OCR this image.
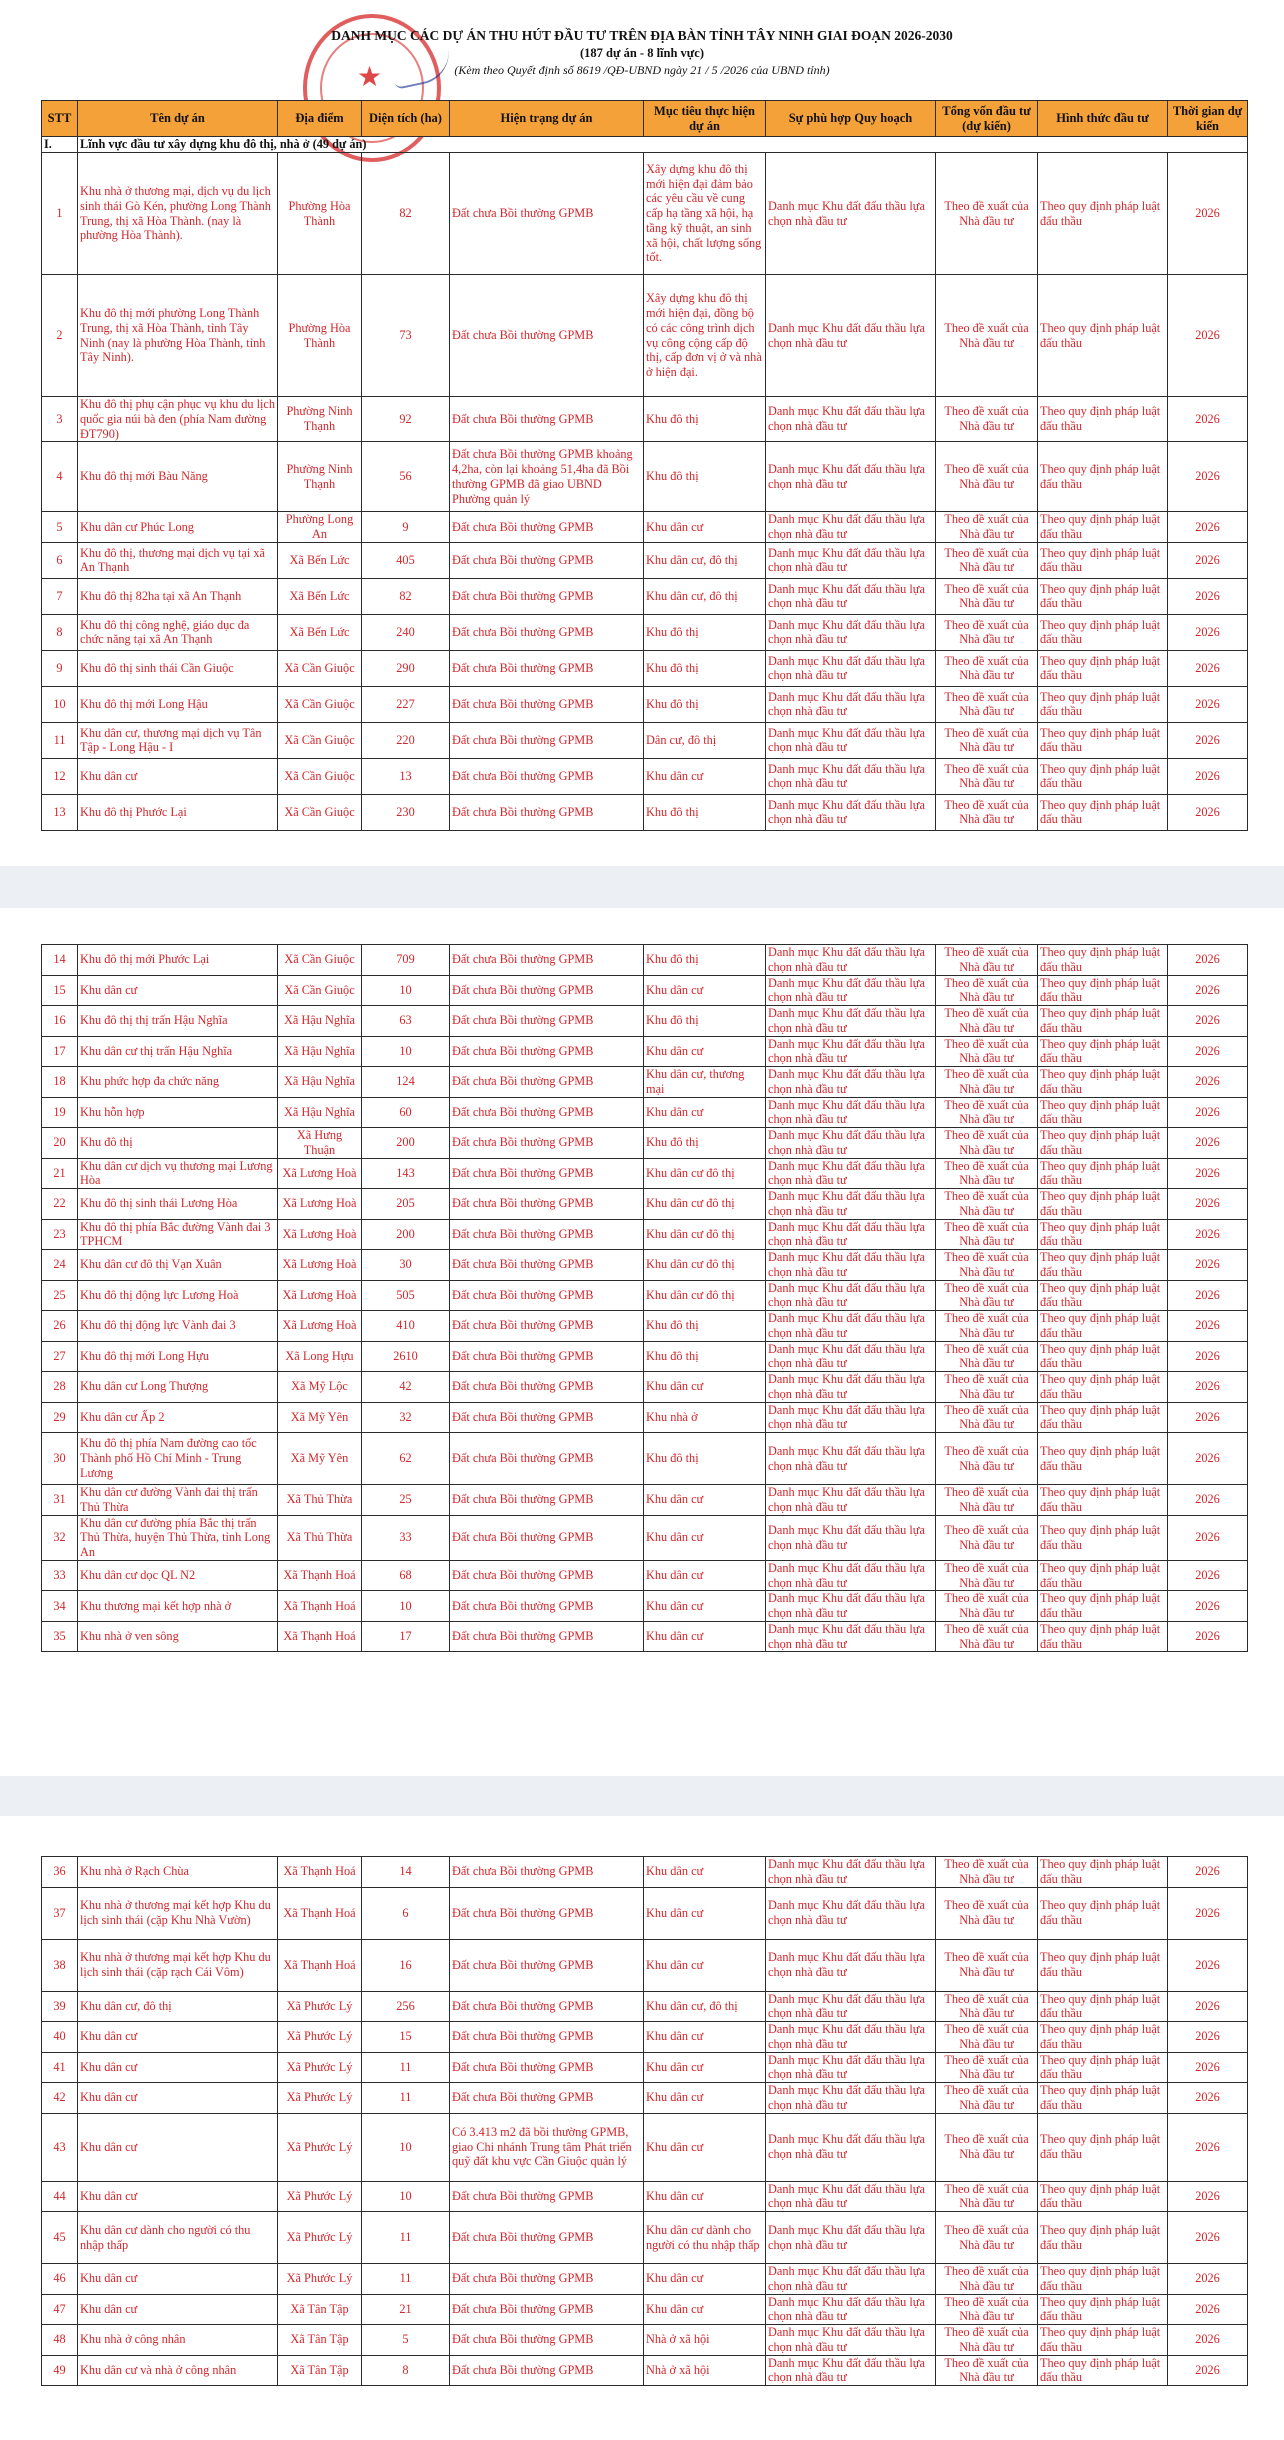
★
DANH MỤC CÁC DỰ ÁN THU HÚT ĐẦU TƯ TRÊN ĐỊA BÀN TỈNH TÂY NINH GIAI ĐOẠN 2026-2030
(187 dự án - 8 lĩnh vực)
(Kèm theo Quyết định số 8619 /QĐ-UBND ngày 21 / 5 /2026 của UBND tỉnh)
STT	Tên dự án	Địa điểm	Diện tích (ha)	Hiện trạng dự án	Mục tiêu thực hiện dự án	Sự phù hợp Quy hoạch	Tổng vốn đầu tư (dự kiến)	Hình thức đầu tư	Thời gian dự kiến
I.	Lĩnh vực đầu tư xây dựng khu đô thị, nhà ở (49 dự án)								
1	Khu nhà ở thương mại, dịch vụ du lịch sinh thái Gò Kén, phường Long Thành Trung, thị xã Hòa Thành. (nay là phường Hòa Thành).	Phường Hòa Thành	82	Đất chưa Bồi thường GPMB	Xây dựng khu đô thị mới hiện đại đảm bảo các yêu cầu về cung cấp hạ tầng xã hội, hạ tầng kỹ thuật, an sinh xã hội, chất lượng sống tốt.	Danh mục Khu đất đấu thầu lựa chọn nhà đầu tư	Theo đề xuất của Nhà đầu tư	Theo quy định pháp luật đấu thầu	2026
2	Khu đô thị mới phường Long Thành Trung, thị xã Hòa Thành, tỉnh Tây Ninh (nay là phường Hòa Thành, tỉnh Tây Ninh).	Phường Hòa Thành	73	Đất chưa Bồi thường GPMB	Xây dựng khu đô thị mới hiện đại, đồng bộ có các công trình dịch vụ công cộng cấp độ thị, cấp đơn vị ở và nhà ở hiện đại.	Danh mục Khu đất đấu thầu lựa chọn nhà đầu tư	Theo đề xuất của Nhà đầu tư	Theo quy định pháp luật đấu thầu	2026
3	Khu đô thị phụ cận phục vụ khu du lịch quốc gia núi bà đen (phía Nam đường ĐT790)	Phường Ninh Thạnh	92	Đất chưa Bồi thường GPMB	Khu đô thị	Danh mục Khu đất đấu thầu lựa chọn nhà đầu tư	Theo đề xuất của Nhà đầu tư	Theo quy định pháp luật đấu thầu	2026
4	Khu đô thị mới Bàu Năng	Phường Ninh Thạnh	56	Đất chưa Bồi thường GPMB khoảng 4,2ha, còn lại khoảng 51,4ha đã Bồi thường GPMB đã giao UBND Phường quản lý	Khu đô thị	Danh mục Khu đất đấu thầu lựa chọn nhà đầu tư	Theo đề xuất của Nhà đầu tư	Theo quy định pháp luật đấu thầu	2026
5	Khu dân cư Phúc Long	Phường Long An	9	Đất chưa Bồi thường GPMB	Khu dân cư	Danh mục Khu đất đấu thầu lựa chọn nhà đầu tư	Theo đề xuất của Nhà đầu tư	Theo quy định pháp luật đấu thầu	2026
6	Khu đô thị, thương mại dịch vụ tại xã An Thạnh	Xã Bến Lức	405	Đất chưa Bồi thường GPMB	Khu dân cư, đô thị	Danh mục Khu đất đấu thầu lựa chọn nhà đầu tư	Theo đề xuất của Nhà đầu tư	Theo quy định pháp luật đấu thầu	2026
7	Khu đô thị 82ha tại xã An Thạnh	Xã Bến Lức	82	Đất chưa Bồi thường GPMB	Khu dân cư, đô thị	Danh mục Khu đất đấu thầu lựa chọn nhà đầu tư	Theo đề xuất của Nhà đầu tư	Theo quy định pháp luật đấu thầu	2026
8	Khu đô thị công nghệ, giáo dục đa chức năng tại xã An Thạnh	Xã Bến Lức	240	Đất chưa Bồi thường GPMB	Khu đô thị	Danh mục Khu đất đấu thầu lựa chọn nhà đầu tư	Theo đề xuất của Nhà đầu tư	Theo quy định pháp luật đấu thầu	2026
9	Khu đô thị sinh thái Cần Giuộc	Xã Cần Giuộc	290	Đất chưa Bồi thường GPMB	Khu đô thị	Danh mục Khu đất đấu thầu lựa chọn nhà đầu tư	Theo đề xuất của Nhà đầu tư	Theo quy định pháp luật đấu thầu	2026
10	Khu đô thị mới Long Hậu	Xã Cần Giuộc	227	Đất chưa Bồi thường GPMB	Khu đô thị	Danh mục Khu đất đấu thầu lựa chọn nhà đầu tư	Theo đề xuất của Nhà đầu tư	Theo quy định pháp luật đấu thầu	2026
11	Khu dân cư, thương mại dịch vụ Tân Tập - Long Hậu - I	Xã Cần Giuộc	220	Đất chưa Bồi thường GPMB	Dân cư, đô thị	Danh mục Khu đất đấu thầu lựa chọn nhà đầu tư	Theo đề xuất của Nhà đầu tư	Theo quy định pháp luật đấu thầu	2026
12	Khu dân cư	Xã Cần Giuộc	13	Đất chưa Bồi thường GPMB	Khu dân cư	Danh mục Khu đất đấu thầu lựa chọn nhà đầu tư	Theo đề xuất của Nhà đầu tư	Theo quy định pháp luật đấu thầu	2026
13	Khu đô thị Phước Lại	Xã Cần Giuộc	230	Đất chưa Bồi thường GPMB	Khu đô thị	Danh mục Khu đất đấu thầu lựa chọn nhà đầu tư	Theo đề xuất của Nhà đầu tư	Theo quy định pháp luật đấu thầu	2026
14	Khu đô thị mới Phước Lại	Xã Cần Giuộc	709	Đất chưa Bồi thường GPMB	Khu đô thị	Danh mục Khu đất đấu thầu lựa chọn nhà đầu tư	Theo đề xuất của Nhà đầu tư	Theo quy định pháp luật đấu thầu	2026
15	Khu dân cư	Xã Cần Giuộc	10	Đất chưa Bồi thường GPMB	Khu dân cư	Danh mục Khu đất đấu thầu lựa chọn nhà đầu tư	Theo đề xuất của Nhà đầu tư	Theo quy định pháp luật đấu thầu	2026
16	Khu đô thị thị trấn Hậu Nghĩa	Xã Hậu Nghĩa	63	Đất chưa Bồi thường GPMB	Khu đô thị	Danh mục Khu đất đấu thầu lựa chọn nhà đầu tư	Theo đề xuất của Nhà đầu tư	Theo quy định pháp luật đấu thầu	2026
17	Khu dân cư thị trấn Hậu Nghĩa	Xã Hậu Nghĩa	10	Đất chưa Bồi thường GPMB	Khu dân cư	Danh mục Khu đất đấu thầu lựa chọn nhà đầu tư	Theo đề xuất của Nhà đầu tư	Theo quy định pháp luật đấu thầu	2026
18	Khu phức hợp đa chức năng	Xã Hậu Nghĩa	124	Đất chưa Bồi thường GPMB	Khu dân cư, thương mại	Danh mục Khu đất đấu thầu lựa chọn nhà đầu tư	Theo đề xuất của Nhà đầu tư	Theo quy định pháp luật đấu thầu	2026
19	Khu hỗn hợp	Xã Hậu Nghĩa	60	Đất chưa Bồi thường GPMB	Khu dân cư	Danh mục Khu đất đấu thầu lựa chọn nhà đầu tư	Theo đề xuất của Nhà đầu tư	Theo quy định pháp luật đấu thầu	2026
20	Khu đô thị	Xã Hưng Thuận	200	Đất chưa Bồi thường GPMB	Khu đô thị	Danh mục Khu đất đấu thầu lựa chọn nhà đầu tư	Theo đề xuất của Nhà đầu tư	Theo quy định pháp luật đấu thầu	2026
21	Khu dân cư dịch vụ thương mại Lương Hòa	Xã Lương Hoà	143	Đất chưa Bồi thường GPMB	Khu dân cư đô thị	Danh mục Khu đất đấu thầu lựa chọn nhà đầu tư	Theo đề xuất của Nhà đầu tư	Theo quy định pháp luật đấu thầu	2026
22	Khu đô thị sinh thái Lương Hòa	Xã Lương Hoà	205	Đất chưa Bồi thường GPMB	Khu dân cư đô thị	Danh mục Khu đất đấu thầu lựa chọn nhà đầu tư	Theo đề xuất của Nhà đầu tư	Theo quy định pháp luật đấu thầu	2026
23	Khu đô thị phía Bắc đường Vành đai 3 TPHCM	Xã Lương Hoà	200	Đất chưa Bồi thường GPMB	Khu dân cư đô thị	Danh mục Khu đất đấu thầu lựa chọn nhà đầu tư	Theo đề xuất của Nhà đầu tư	Theo quy định pháp luật đấu thầu	2026
24	Khu dân cư đô thị Vạn Xuân	Xã Lương Hoà	30	Đất chưa Bồi thường GPMB	Khu dân cư đô thị	Danh mục Khu đất đấu thầu lựa chọn nhà đầu tư	Theo đề xuất của Nhà đầu tư	Theo quy định pháp luật đấu thầu	2026
25	Khu đô thị động lực Lương Hoà	Xã Lương Hoà	505	Đất chưa Bồi thường GPMB	Khu dân cư đô thị	Danh mục Khu đất đấu thầu lựa chọn nhà đầu tư	Theo đề xuất của Nhà đầu tư	Theo quy định pháp luật đấu thầu	2026
26	Khu đô thị động lực Vành đai 3	Xã Lương Hoà	410	Đất chưa Bồi thường GPMB	Khu đô thị	Danh mục Khu đất đấu thầu lựa chọn nhà đầu tư	Theo đề xuất của Nhà đầu tư	Theo quy định pháp luật đấu thầu	2026
27	Khu đô thị mới Long Hựu	Xã Long Hựu	2610	Đất chưa Bồi thường GPMB	Khu đô thị	Danh mục Khu đất đấu thầu lựa chọn nhà đầu tư	Theo đề xuất của Nhà đầu tư	Theo quy định pháp luật đấu thầu	2026
28	Khu dân cư Long Thượng	Xã Mỹ Lộc	42	Đất chưa Bồi thường GPMB	Khu dân cư	Danh mục Khu đất đấu thầu lựa chọn nhà đầu tư	Theo đề xuất của Nhà đầu tư	Theo quy định pháp luật đấu thầu	2026
29	Khu dân cư Ấp 2	Xã Mỹ Yên	32	Đất chưa Bồi thường GPMB	Khu nhà ở	Danh mục Khu đất đấu thầu lựa chọn nhà đầu tư	Theo đề xuất của Nhà đầu tư	Theo quy định pháp luật đấu thầu	2026
30	Khu đô thị phía Nam đường cao tốc Thành phố Hồ Chí Minh - Trung Lương	Xã Mỹ Yên	62	Đất chưa Bồi thường GPMB	Khu đô thị	Danh mục Khu đất đấu thầu lựa chọn nhà đầu tư	Theo đề xuất của Nhà đầu tư	Theo quy định pháp luật đấu thầu	2026
31	Khu dân cư đường Vành đai thị trấn Thủ Thừa	Xã Thủ Thừa	25	Đất chưa Bồi thường GPMB	Khu dân cư	Danh mục Khu đất đấu thầu lựa chọn nhà đầu tư	Theo đề xuất của Nhà đầu tư	Theo quy định pháp luật đấu thầu	2026
32	Khu dân cư đường phía Bắc thị trấn Thủ Thừa, huyện Thủ Thừa, tỉnh Long An	Xã Thủ Thừa	33	Đất chưa Bồi thường GPMB	Khu dân cư	Danh mục Khu đất đấu thầu lựa chọn nhà đầu tư	Theo đề xuất của Nhà đầu tư	Theo quy định pháp luật đấu thầu	2026
33	Khu dân cư dọc QL N2	Xã Thạnh Hoá	68	Đất chưa Bồi thường GPMB	Khu dân cư	Danh mục Khu đất đấu thầu lựa chọn nhà đầu tư	Theo đề xuất của Nhà đầu tư	Theo quy định pháp luật đấu thầu	2026
34	Khu thương mại kết hợp nhà ở	Xã Thạnh Hoá	10	Đất chưa Bồi thường GPMB	Khu dân cư	Danh mục Khu đất đấu thầu lựa chọn nhà đầu tư	Theo đề xuất của Nhà đầu tư	Theo quy định pháp luật đấu thầu	2026
35	Khu nhà ở ven sông	Xã Thạnh Hoá	17	Đất chưa Bồi thường GPMB	Khu dân cư	Danh mục Khu đất đấu thầu lựa chọn nhà đầu tư	Theo đề xuất của Nhà đầu tư	Theo quy định pháp luật đấu thầu	2026
36	Khu nhà ở Rạch Chùa	Xã Thạnh Hoá	14	Đất chưa Bồi thường GPMB	Khu dân cư	Danh mục Khu đất đấu thầu lựa chọn nhà đầu tư	Theo đề xuất của Nhà đầu tư	Theo quy định pháp luật đấu thầu	2026
37	Khu nhà ở thương mại kết hợp Khu du lịch sinh thái (cặp Khu Nhà Vườn)	Xã Thạnh Hoá	6	Đất chưa Bồi thường GPMB	Khu dân cư	Danh mục Khu đất đấu thầu lựa chọn nhà đầu tư	Theo đề xuất của Nhà đầu tư	Theo quy định pháp luật đấu thầu	2026
38	Khu nhà ở thương mại kết hợp Khu du lịch sinh thái (cặp rạch Cái Vôm)	Xã Thạnh Hoá	16	Đất chưa Bồi thường GPMB	Khu dân cư	Danh mục Khu đất đấu thầu lựa chọn nhà đầu tư	Theo đề xuất của Nhà đầu tư	Theo quy định pháp luật đấu thầu	2026
39	Khu dân cư, đô thị	Xã Phước Lý	256	Đất chưa Bồi thường GPMB	Khu dân cư, đô thị	Danh mục Khu đất đấu thầu lựa chọn nhà đầu tư	Theo đề xuất của Nhà đầu tư	Theo quy định pháp luật đấu thầu	2026
40	Khu dân cư	Xã Phước Lý	15	Đất chưa Bồi thường GPMB	Khu dân cư	Danh mục Khu đất đấu thầu lựa chọn nhà đầu tư	Theo đề xuất của Nhà đầu tư	Theo quy định pháp luật đấu thầu	2026
41	Khu dân cư	Xã Phước Lý	11	Đất chưa Bồi thường GPMB	Khu dân cư	Danh mục Khu đất đấu thầu lựa chọn nhà đầu tư	Theo đề xuất của Nhà đầu tư	Theo quy định pháp luật đấu thầu	2026
42	Khu dân cư	Xã Phước Lý	11	Đất chưa Bồi thường GPMB	Khu dân cư	Danh mục Khu đất đấu thầu lựa chọn nhà đầu tư	Theo đề xuất của Nhà đầu tư	Theo quy định pháp luật đấu thầu	2026
43	Khu dân cư	Xã Phước Lý	10	Có 3.413 m2 đã bồi thường GPMB, giao Chi nhánh Trung tâm Phát triển quỹ đất khu vực Cần Giuộc quản lý	Khu dân cư	Danh mục Khu đất đấu thầu lựa chọn nhà đầu tư	Theo đề xuất của Nhà đầu tư	Theo quy định pháp luật đấu thầu	2026
44	Khu dân cư	Xã Phước Lý	10	Đất chưa Bồi thường GPMB	Khu dân cư	Danh mục Khu đất đấu thầu lựa chọn nhà đầu tư	Theo đề xuất của Nhà đầu tư	Theo quy định pháp luật đấu thầu	2026
45	Khu dân cư dành cho người có thu nhập thấp	Xã Phước Lý	11	Đất chưa Bồi thường GPMB	Khu dân cư dành cho người có thu nhập thấp	Danh mục Khu đất đấu thầu lựa chọn nhà đầu tư	Theo đề xuất của Nhà đầu tư	Theo quy định pháp luật đấu thầu	2026
46	Khu dân cư	Xã Phước Lý	11	Đất chưa Bồi thường GPMB	Khu dân cư	Danh mục Khu đất đấu thầu lựa chọn nhà đầu tư	Theo đề xuất của Nhà đầu tư	Theo quy định pháp luật đấu thầu	2026
47	Khu dân cư	Xã Tân Tập	21	Đất chưa Bồi thường GPMB	Khu dân cư	Danh mục Khu đất đấu thầu lựa chọn nhà đầu tư	Theo đề xuất của Nhà đầu tư	Theo quy định pháp luật đấu thầu	2026
48	Khu nhà ở công nhân	Xã Tân Tập	5	Đất chưa Bồi thường GPMB	Nhà ở xã hội	Danh mục Khu đất đấu thầu lựa chọn nhà đầu tư	Theo đề xuất của Nhà đầu tư	Theo quy định pháp luật đấu thầu	2026
49	Khu dân cư và nhà ở công nhân	Xã Tân Tập	8	Đất chưa Bồi thường GPMB	Nhà ở xã hội	Danh mục Khu đất đấu thầu lựa chọn nhà đầu tư	Theo đề xuất của Nhà đầu tư	Theo quy định pháp luật đấu thầu	2026
